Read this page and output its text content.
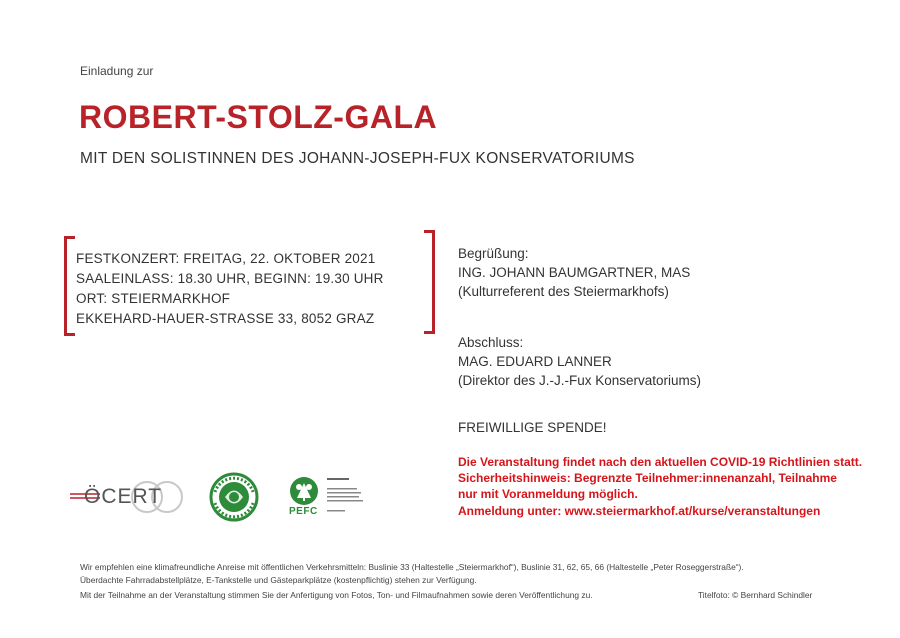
Einladung zur
ROBERT-STOLZ-GALA
MIT DEN SOLISTINNEN DES JOHANN-JOSEPH-FUX KONSERVATORIUMS
FESTKONZERT: FREITAG, 22. OKTOBER 2021
SAALEINLASS: 18.30 UHR, BEGINN: 19.30 UHR
ORT: STEIERMARKHOF
EKKEHARD-HAUER-STRASSE 33, 8052 GRAZ
Begrüßung:
ING. JOHANN BAUMGARTNER, MAS
(Kulturreferent des Steiermarkhofs)
Abschluss:
MAG. EDUARD LANNER
(Direktor des J.-J.-Fux Konservatoriums)
FREIWILLIGE SPENDE!
Die Veranstaltung findet nach den aktuellen COVID-19 Richtlinien statt.
Sicherheitshinweis: Begrenzte Teilnehmer:innenanzahl, Teilnahme
nur mit Voranmeldung möglich.
Anmeldung unter: www.steiermarkhof.at/kurse/veranstaltungen
ÖCERT
PEFC
Wir empfehlen eine klimafreundliche Anreise mit öffentlichen Verkehrsmitteln: Buslinie 33 (Haltestelle „Steiermarkhof“), Buslinie 31, 62, 65, 66 (Haltestelle „Peter Roseggerstraße“).
Überdachte Fahrradabstellplätze, E-Tankstelle und Gästeparkplätze (kostenpflichtig) stehen zur Verfügung.
Mit der Teilnahme an der Veranstaltung stimmen Sie der Anfertigung von Fotos, Ton- und Filmaufnahmen sowie deren Veröffentlichung zu.	Titelfoto: © Bernhard Schindler
